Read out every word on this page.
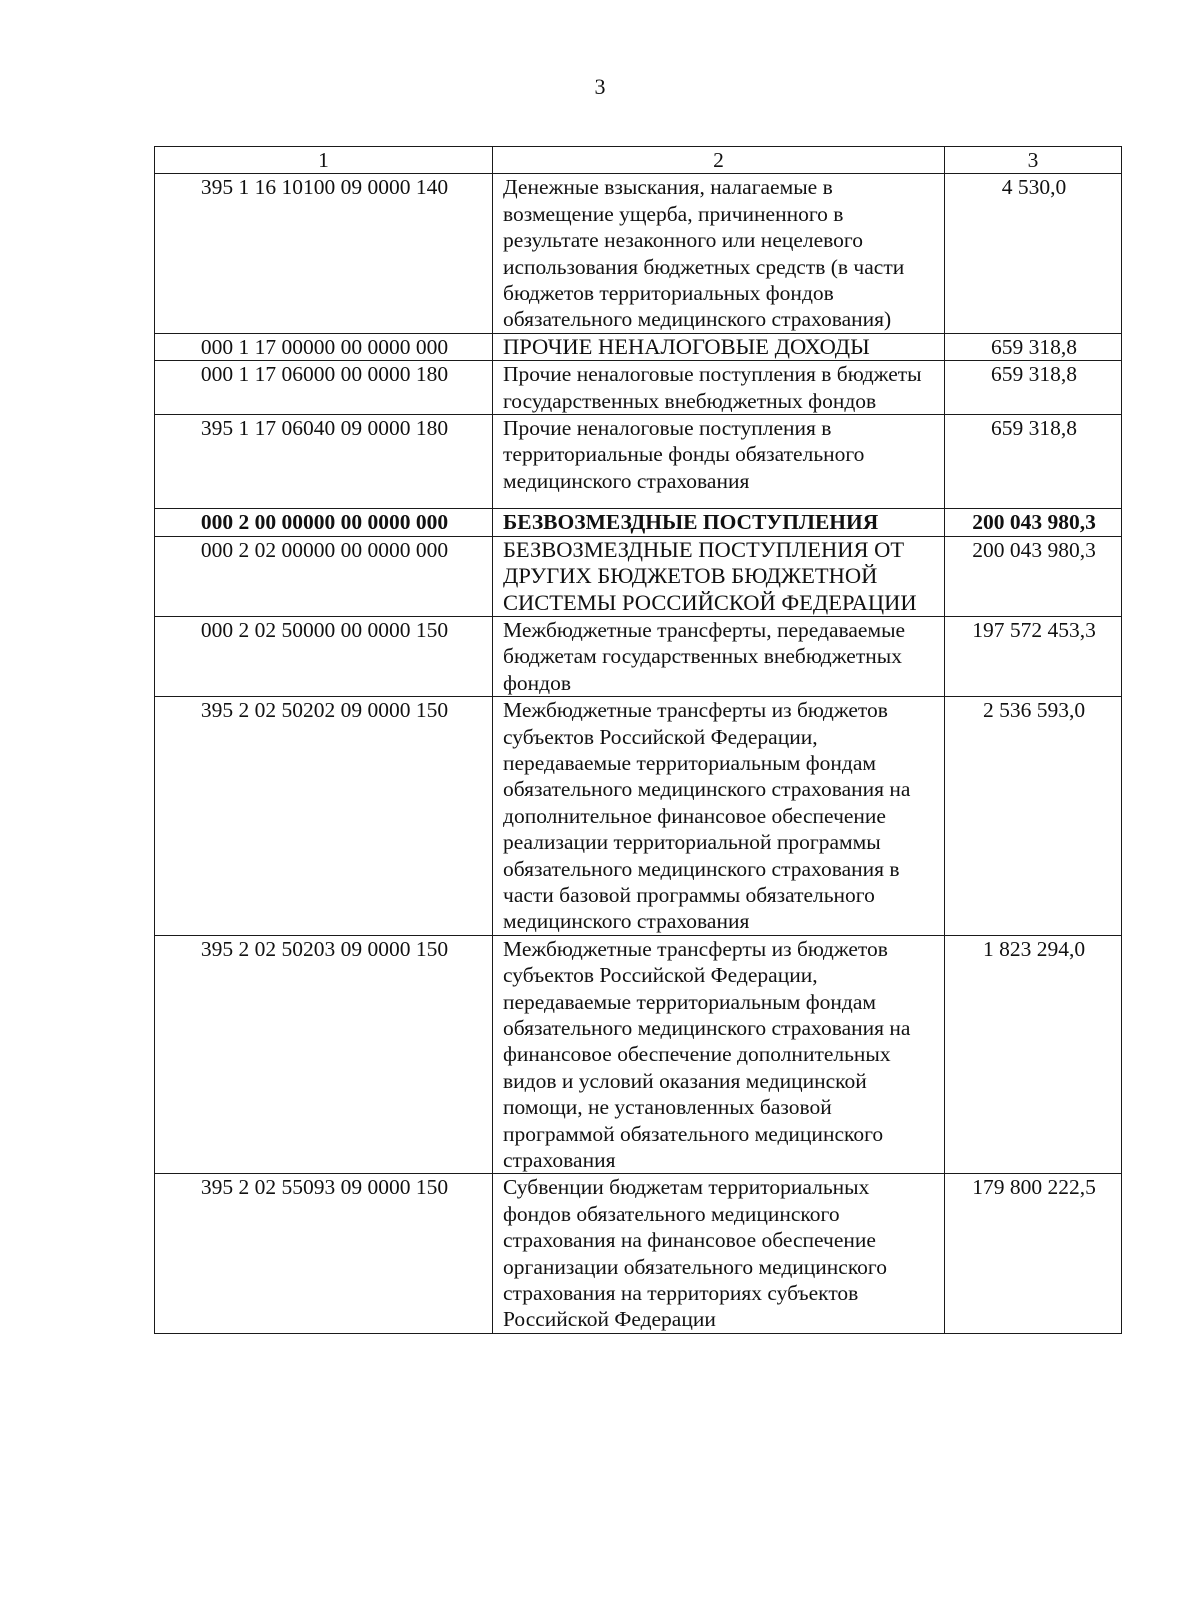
3
1	2	3
395 1 16 10100 09 0000 140	Денежные взыскания, налагаемые в возмещение ущерба, причиненного в результате незаконного или нецелевого использования бюджетных средств (в части бюджетов территориальных фондов обязательного медицинского страхования)	4 530,0
000 1 17 00000 00 0000 000	ПРОЧИЕ НЕНАЛОГОВЫЕ ДОХОДЫ	659 318,8
000 1 17 06000 00 0000 180	Прочие неналоговые поступления в бюджеты государственных внебюджетных фондов	659 318,8
395 1 17 06040 09 0000 180	Прочие неналоговые поступления в территориальные фонды обязательного медицинского страхования	659 318,8
000 2 00 00000 00 0000 000	БЕЗВОЗМЕЗДНЫЕ ПОСТУПЛЕНИЯ	200 043 980,3
000 2 02 00000 00 0000 000	БЕЗВОЗМЕЗДНЫЕ ПОСТУПЛЕНИЯ ОТ ДРУГИХ БЮДЖЕТОВ БЮДЖЕТНОЙ СИСТЕМЫ РОССИЙСКОЙ ФЕДЕРАЦИИ	200 043 980,3
000 2 02 50000 00 0000 150	Межбюджетные трансферты, передаваемые бюджетам государственных внебюджетных фондов	197 572 453,3
395 2 02 50202 09 0000 150	Межбюджетные трансферты из бюджетов субъектов Российской Федерации, передаваемые территориальным фондам обязательного медицинского страхования на дополнительное финансовое обеспечение реализации территориальной программы обязательного медицинского страхования в части базовой программы обязательного медицинского страхования	2 536 593,0
395 2 02 50203 09 0000 150	Межбюджетные трансферты из бюджетов субъектов Российской Федерации, передаваемые территориальным фондам обязательного медицинского страхования на финансовое обеспечение дополнительных видов и условий оказания медицинской помощи, не установленных базовой программой обязательного медицинского страхования	1 823 294,0
395 2 02 55093 09 0000 150	Субвенции бюджетам территориальных фондов обязательного медицинского страхования на финансовое обеспечение организации обязательного медицинского страхования на территориях субъектов Российской Федерации	179 800 222,5
